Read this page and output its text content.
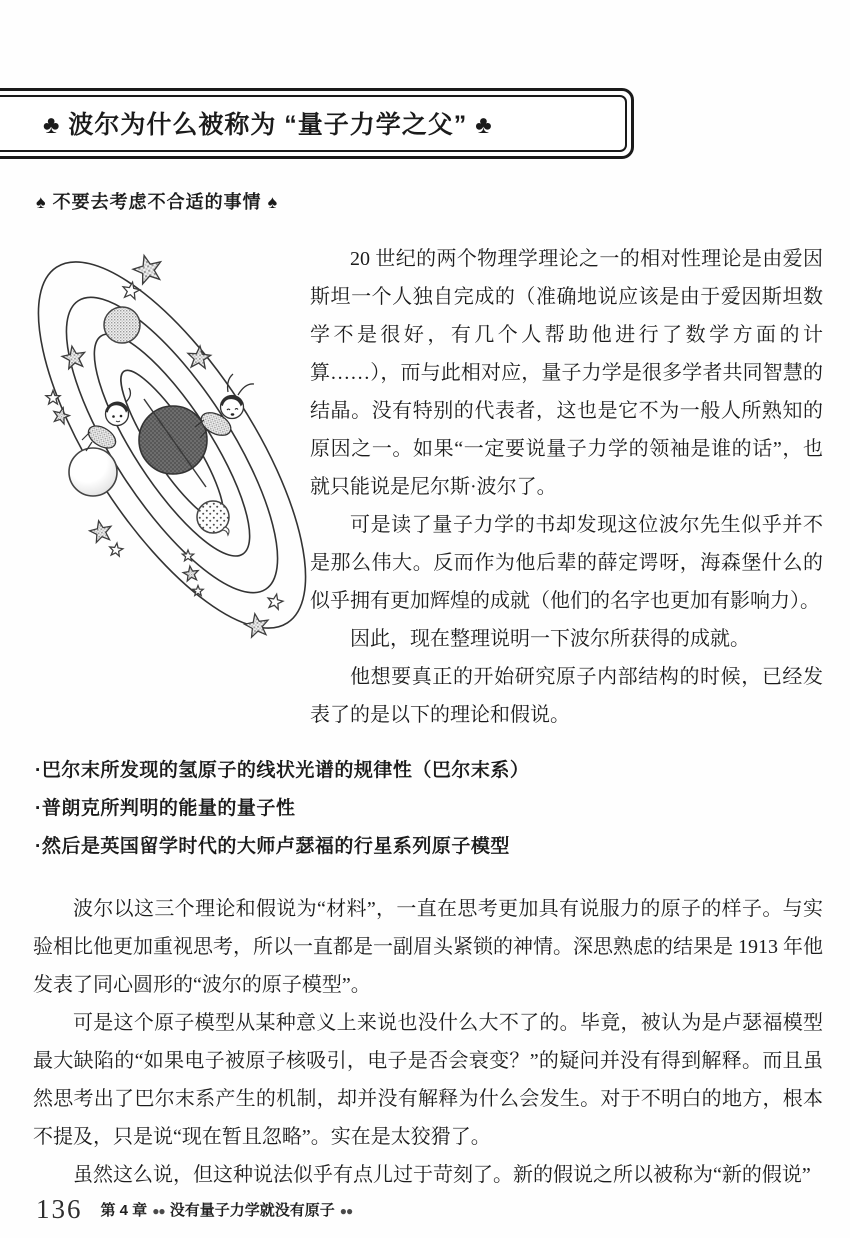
♣ 波尔为什么被称为 “量子力学之父” ♣
♠ 不要去考虑不合适的事情 ♠

20 世纪的两个物理学理论之一的相对性理论是由爱因斯坦一个人独自完成的（准确地说应该是由于爱因斯坦数学不是很好，有几个人帮助他进行了数学方面的计算……），而与此相对应，量子力学是很多学者共同智慧的结晶。没有特别的代表者，这也是它不为一般人所熟知的原因之一。如果“一定要说量子力学的领袖是谁的话”，也就只能说是尼尔斯·波尔了。

可是读了量子力学的书却发现这位波尔先生似乎并不是那么伟大。反而作为他后辈的薛定谔呀，海森堡什么的似乎拥有更加辉煌的成就（他们的名字也更加有影响力）。

因此，现在整理说明一下波尔所获得的成就。

他想要真正的开始研究原子内部结构的时候，已经发表了的是以下的理论和假说。

·巴尔末所发现的氢原子的线状光谱的规律性（巴尔末系）
·普朗克所判明的能量的量子性
·然后是英国留学时代的大师卢瑟福的行星系列原子模型

波尔以这三个理论和假说为“材料”，一直在思考更加具有说服力的原子的样子。与实验相比他更加重视思考，所以一直都是一副眉头紧锁的神情。深思熟虑的结果是 1913 年他发表了同心圆形的“波尔的原子模型”。

可是这个原子模型从某种意义上来说也没什么大不了的。毕竟，被认为是卢瑟福模型最大缺陷的“如果电子被原子核吸引，电子是否会衰变？”的疑问并没有得到解释。而且虽然思考出了巴尔末系产生的机制，却并没有解释为什么会发生。对于不明白的地方，根本不提及，只是说“现在暂且忽略”。实在是太狡猾了。

虽然这么说，但这种说法似乎有点儿过于苛刻了。新的假说之所以被称为“新的假说”

136 第 4 章 ●● 没有量子力学就没有原子 ●●
